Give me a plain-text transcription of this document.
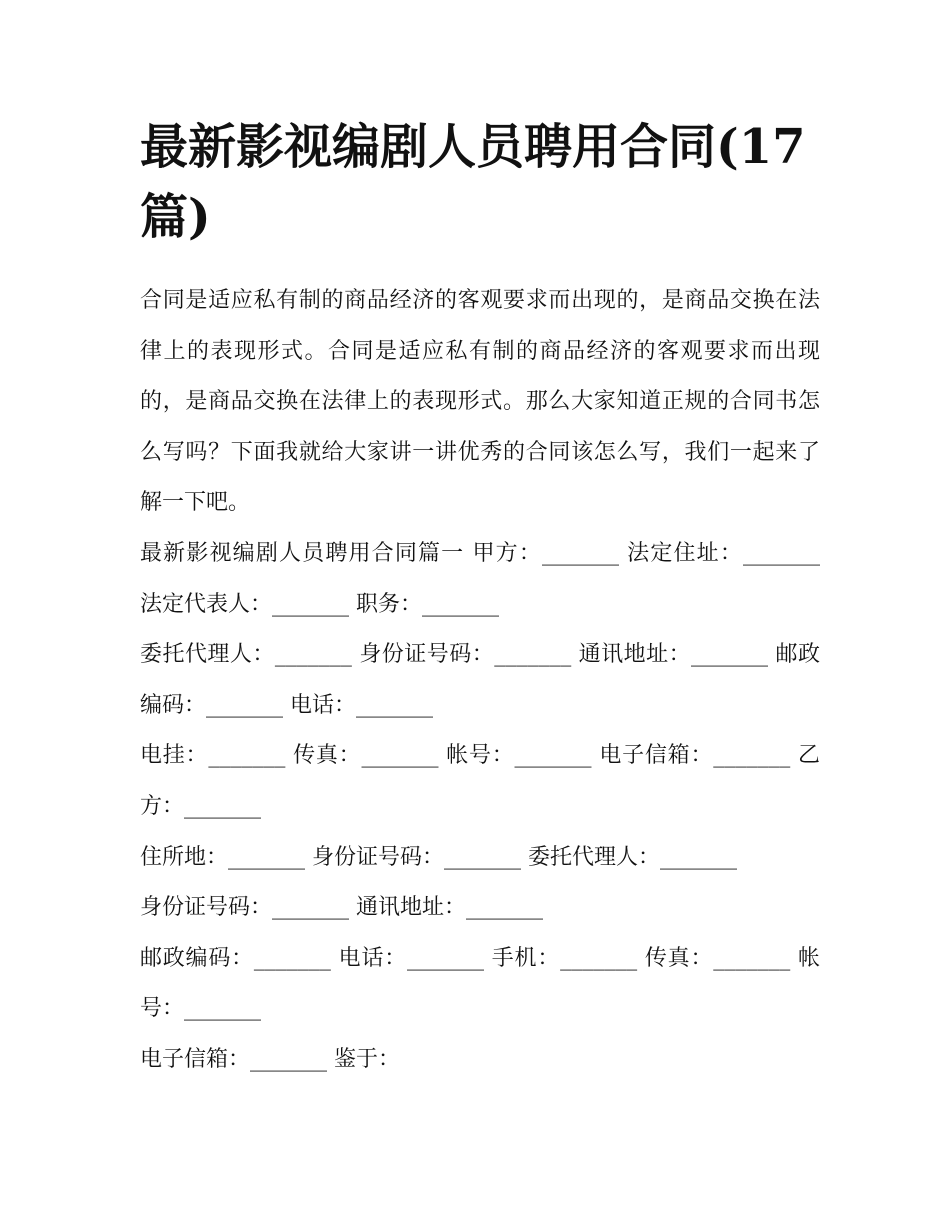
最新影视编剧人员聘用合同(17篇)

合同是适应私有制的商品经济的客观要求而出现的，是商品交换在法律上的表现形式。合同是适应私有制的商品经济的客观要求而出现的，是商品交换在法律上的表现形式。那么大家知道正规的合同书怎么写吗？下面我就给大家讲一讲优秀的合同该怎么写，我们一起来了解一下吧。

最新影视编剧人员聘用合同篇一 甲方：_______ 法定住址：_______ 法定代表人：_______ 职务：_______

委托代理人：_______ 身份证号码：_______ 通讯地址：_______ 邮政编码：_______ 电话：_______

电挂：_______ 传真：_______ 帐号：_______ 电子信箱：_______ 乙方：_______

住所地：_______ 身份证号码：_______ 委托代理人：_______

身份证号码：_______ 通讯地址：_______

邮政编码：_______ 电话：_______ 手机：_______ 传真：_______ 帐号：_______

电子信箱：_______ 鉴于：
